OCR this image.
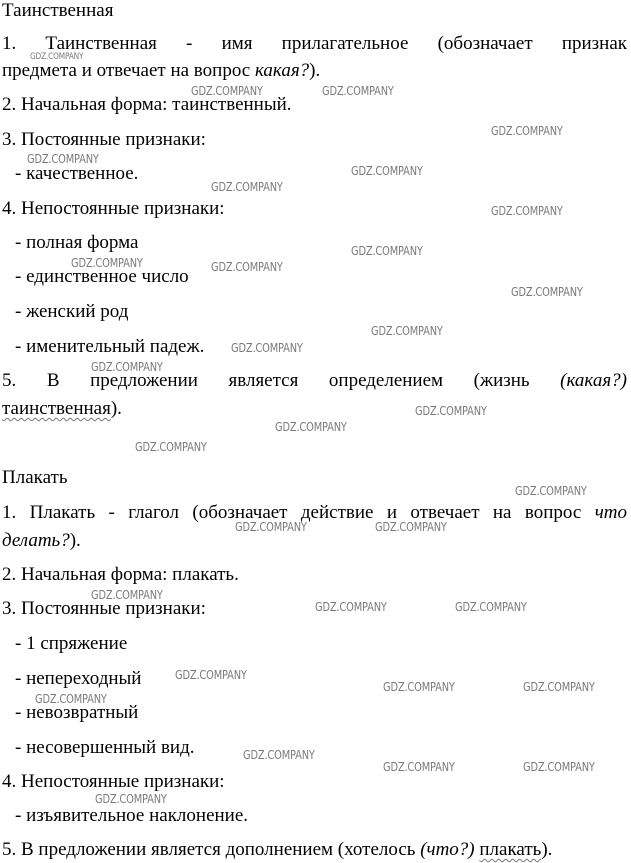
Таинственная
1. Таинственная - имя прилагательное (обозначает признак
предмета и отвечает на вопрос какая?).
2. Начальная форма: таинственный.
3. Постоянные признаки:
- качественное.
4. Непостоянные признаки:
- полная форма
- единственное число
- женский род
- именительный падеж.
5. В предложении является определением (жизнь (какая?)
таинственная).
Плакать
1. Плакать - глагол (обозначает действие и отвечает на вопрос что
делать?).
2. Начальная форма: плакать.
3. Постоянные признаки:
- 1 спряжение
- непереходный
- невозвратный
- несовершенный вид.
4. Непостоянные признаки:
- изъявительное наклонение.
5. В предложении является дополнением (хотелось (что?) плакать).
GDZ.COMPANY
GDZ.COMPANY	GDZ.COMPANY
GDZ.COMPANY
GDZ.COMPANY
GDZ.COMPANY
GDZ.COMPANY
GDZ.COMPANY
GDZ.COMPANY
GDZ.COMPANY	GDZ.COMPANY
GDZ.COMPANY
GDZ.COMPANY
GDZ.COMPANY
GDZ.COMPANY
GDZ.COMPANY
GDZ.COMPANY
GDZ.COMPANY
GDZ.COMPANY
GDZ.COMPANY	GDZ.COMPANY
GDZ.COMPANY
GDZ.COMPANY	GDZ.COMPANY
GDZ.COMPANY
GDZ.COMPANY	GDZ.COMPANY
GDZ.COMPANY
GDZ.COMPANY
GDZ.COMPANY	GDZ.COMPANY
GDZ.COMPANY
